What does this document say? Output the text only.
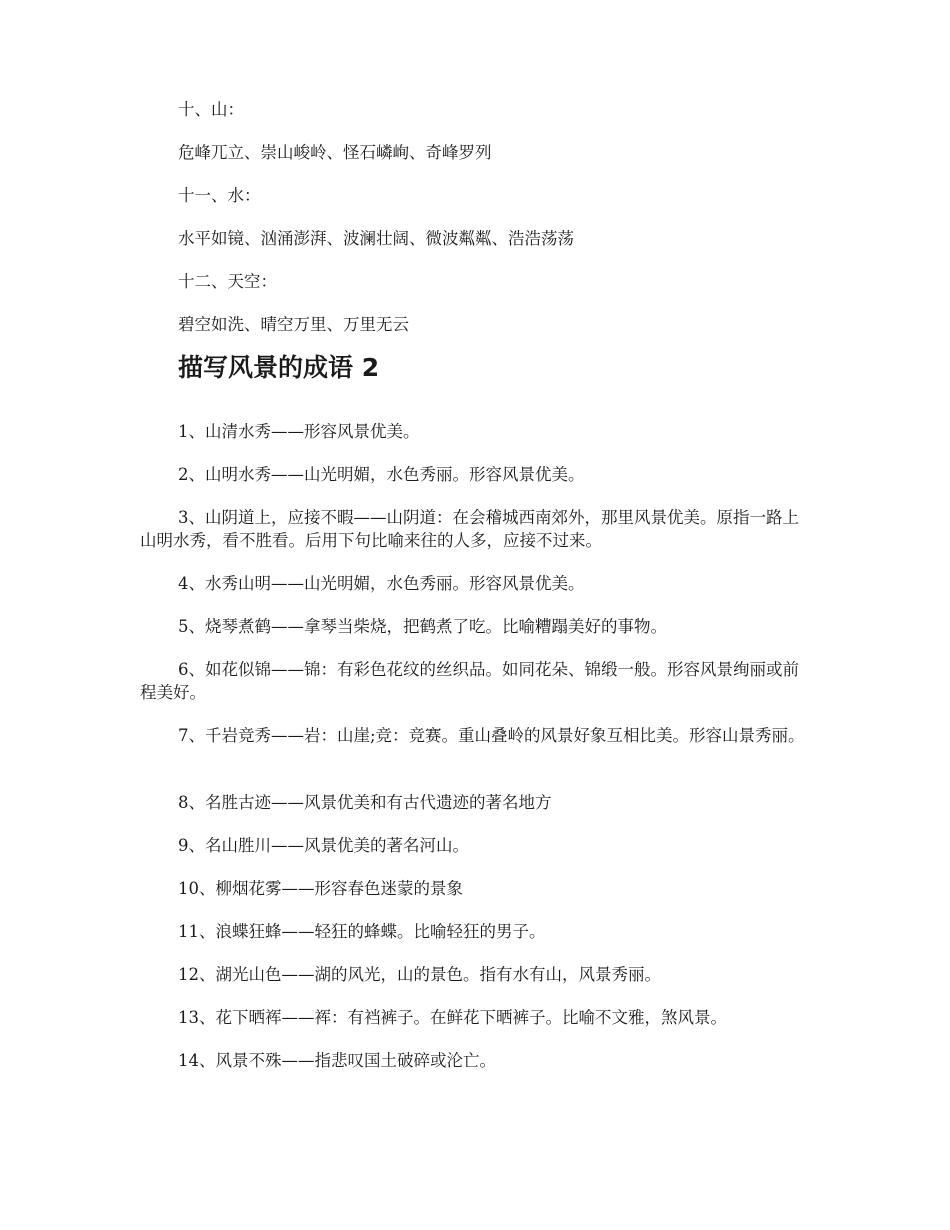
十、山：

危峰兀立、崇山峻岭、怪石嶙峋、奇峰罗列

十一、水：

水平如镜、汹涌澎湃、波澜壮阔、微波粼粼、浩浩荡荡

十二、天空：

碧空如洗、晴空万里、万里无云

描写风景的成语 2

1、山清水秀——形容风景优美。

2、山明水秀——山光明媚，水色秀丽。形容风景优美。

3、山阴道上，应接不暇——山阴道：在会稽城西南郊外，那里风景优美。原指一路上山明水秀，看不胜看。后用下句比喻来往的人多，应接不过来。

4、水秀山明——山光明媚，水色秀丽。形容风景优美。

5、烧琴煮鹤——拿琴当柴烧，把鹤煮了吃。比喻糟蹋美好的事物。

6、如花似锦——锦：有彩色花纹的丝织品。如同花朵、锦缎一般。形容风景绚丽或前程美好。

7、千岩竞秀——岩：山崖;竞：竞赛。重山叠岭的风景好象互相比美。形容山景秀丽。

8、名胜古迹——风景优美和有古代遗迹的著名地方

9、名山胜川——风景优美的著名河山。

10、柳烟花雾——形容春色迷蒙的景象

11、浪蝶狂蜂——轻狂的蜂蝶。比喻轻狂的男子。

12、湖光山色——湖的风光，山的景色。指有水有山，风景秀丽。

13、花下晒裈——裈：有裆裤子。在鲜花下晒裤子。比喻不文雅，煞风景。

14、风景不殊——指悲叹国土破碎或沦亡。
